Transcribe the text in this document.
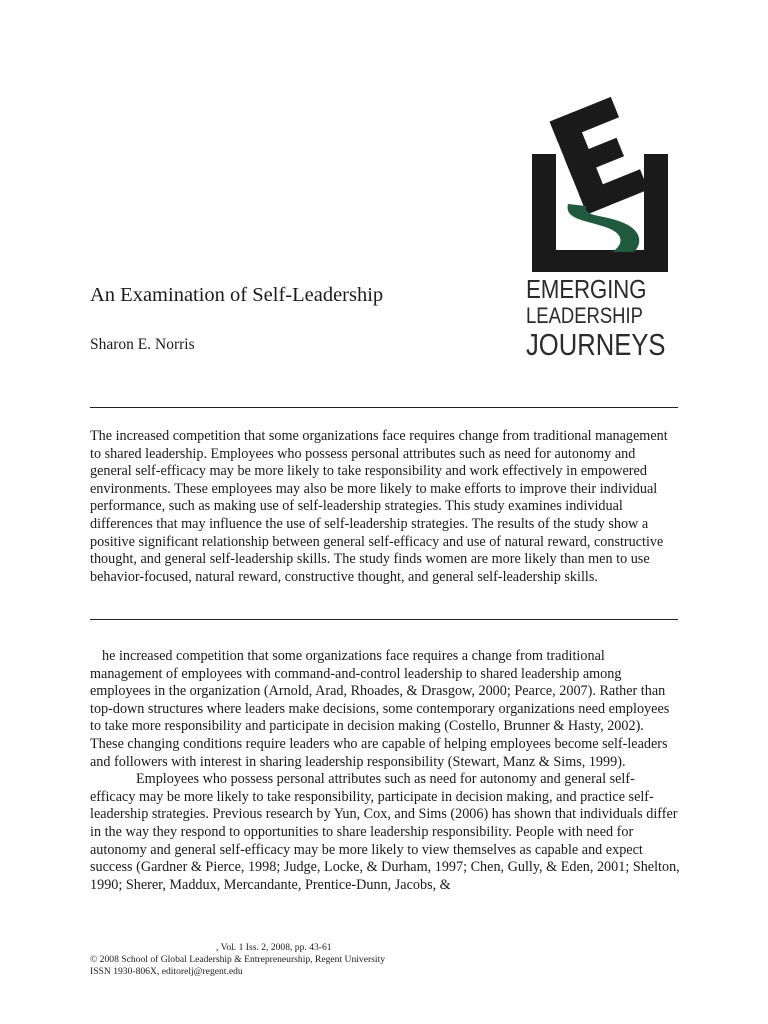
An Examination of Self-Leadership
Sharon E. Norris
EMERGING
LEADERSHIP
JOURNEYS

The increased competition that some organizations face requires change from traditional management to shared leadership. Employees who possess personal attributes such as need for autonomy and general self-efficacy may be more likely to take responsibility and work effectively in empowered environments. These employees may also be more likely to make efforts to improve their individual performance, such as making use of self-leadership strategies. This study examines individual differences that may influence the use of self-leadership strategies. The results of the study show a positive significant relationship between general self-efficacy and use of natural reward, constructive thought, and general self-leadership skills. The study finds women are more likely than men to use behavior-focused, natural reward, constructive thought, and general self-leadership skills.

he increased competition that some organizations face requires a change from traditional management of employees with command-and-control leadership to shared leadership among employees in the organization (Arnold, Arad, Rhoades, & Drasgow, 2000; Pearce, 2007). Rather than top-down structures where leaders make decisions, some contemporary organizations need employees to take more responsibility and participate in decision making (Costello, Brunner & Hasty, 2002). These changing conditions require leaders who are capable of helping employees become self-leaders and followers with interest in sharing leadership responsibility (Stewart, Manz & Sims, 1999).

Employees who possess personal attributes such as need for autonomy and general self-efficacy may be more likely to take responsibility, participate in decision making, and practice self-leadership strategies. Previous research by Yun, Cox, and Sims (2006) has shown that individuals differ in the way they respond to opportunities to share leadership responsibility. People with need for autonomy and general self-efficacy may be more likely to view themselves as capable and expect success (Gardner & Pierce, 1998; Judge, Locke, & Durham, 1997; Chen, Gully, & Eden, 2001; Shelton, 1990; Sherer, Maddux, Mercandante, Prentice-Dunn, Jacobs, &

, Vol. 1 Iss. 2, 2008, pp. 43-61
© 2008 School of Global Leadership & Entrepreneurship, Regent University
ISSN 1930-806X, editorelj@regent.edu
